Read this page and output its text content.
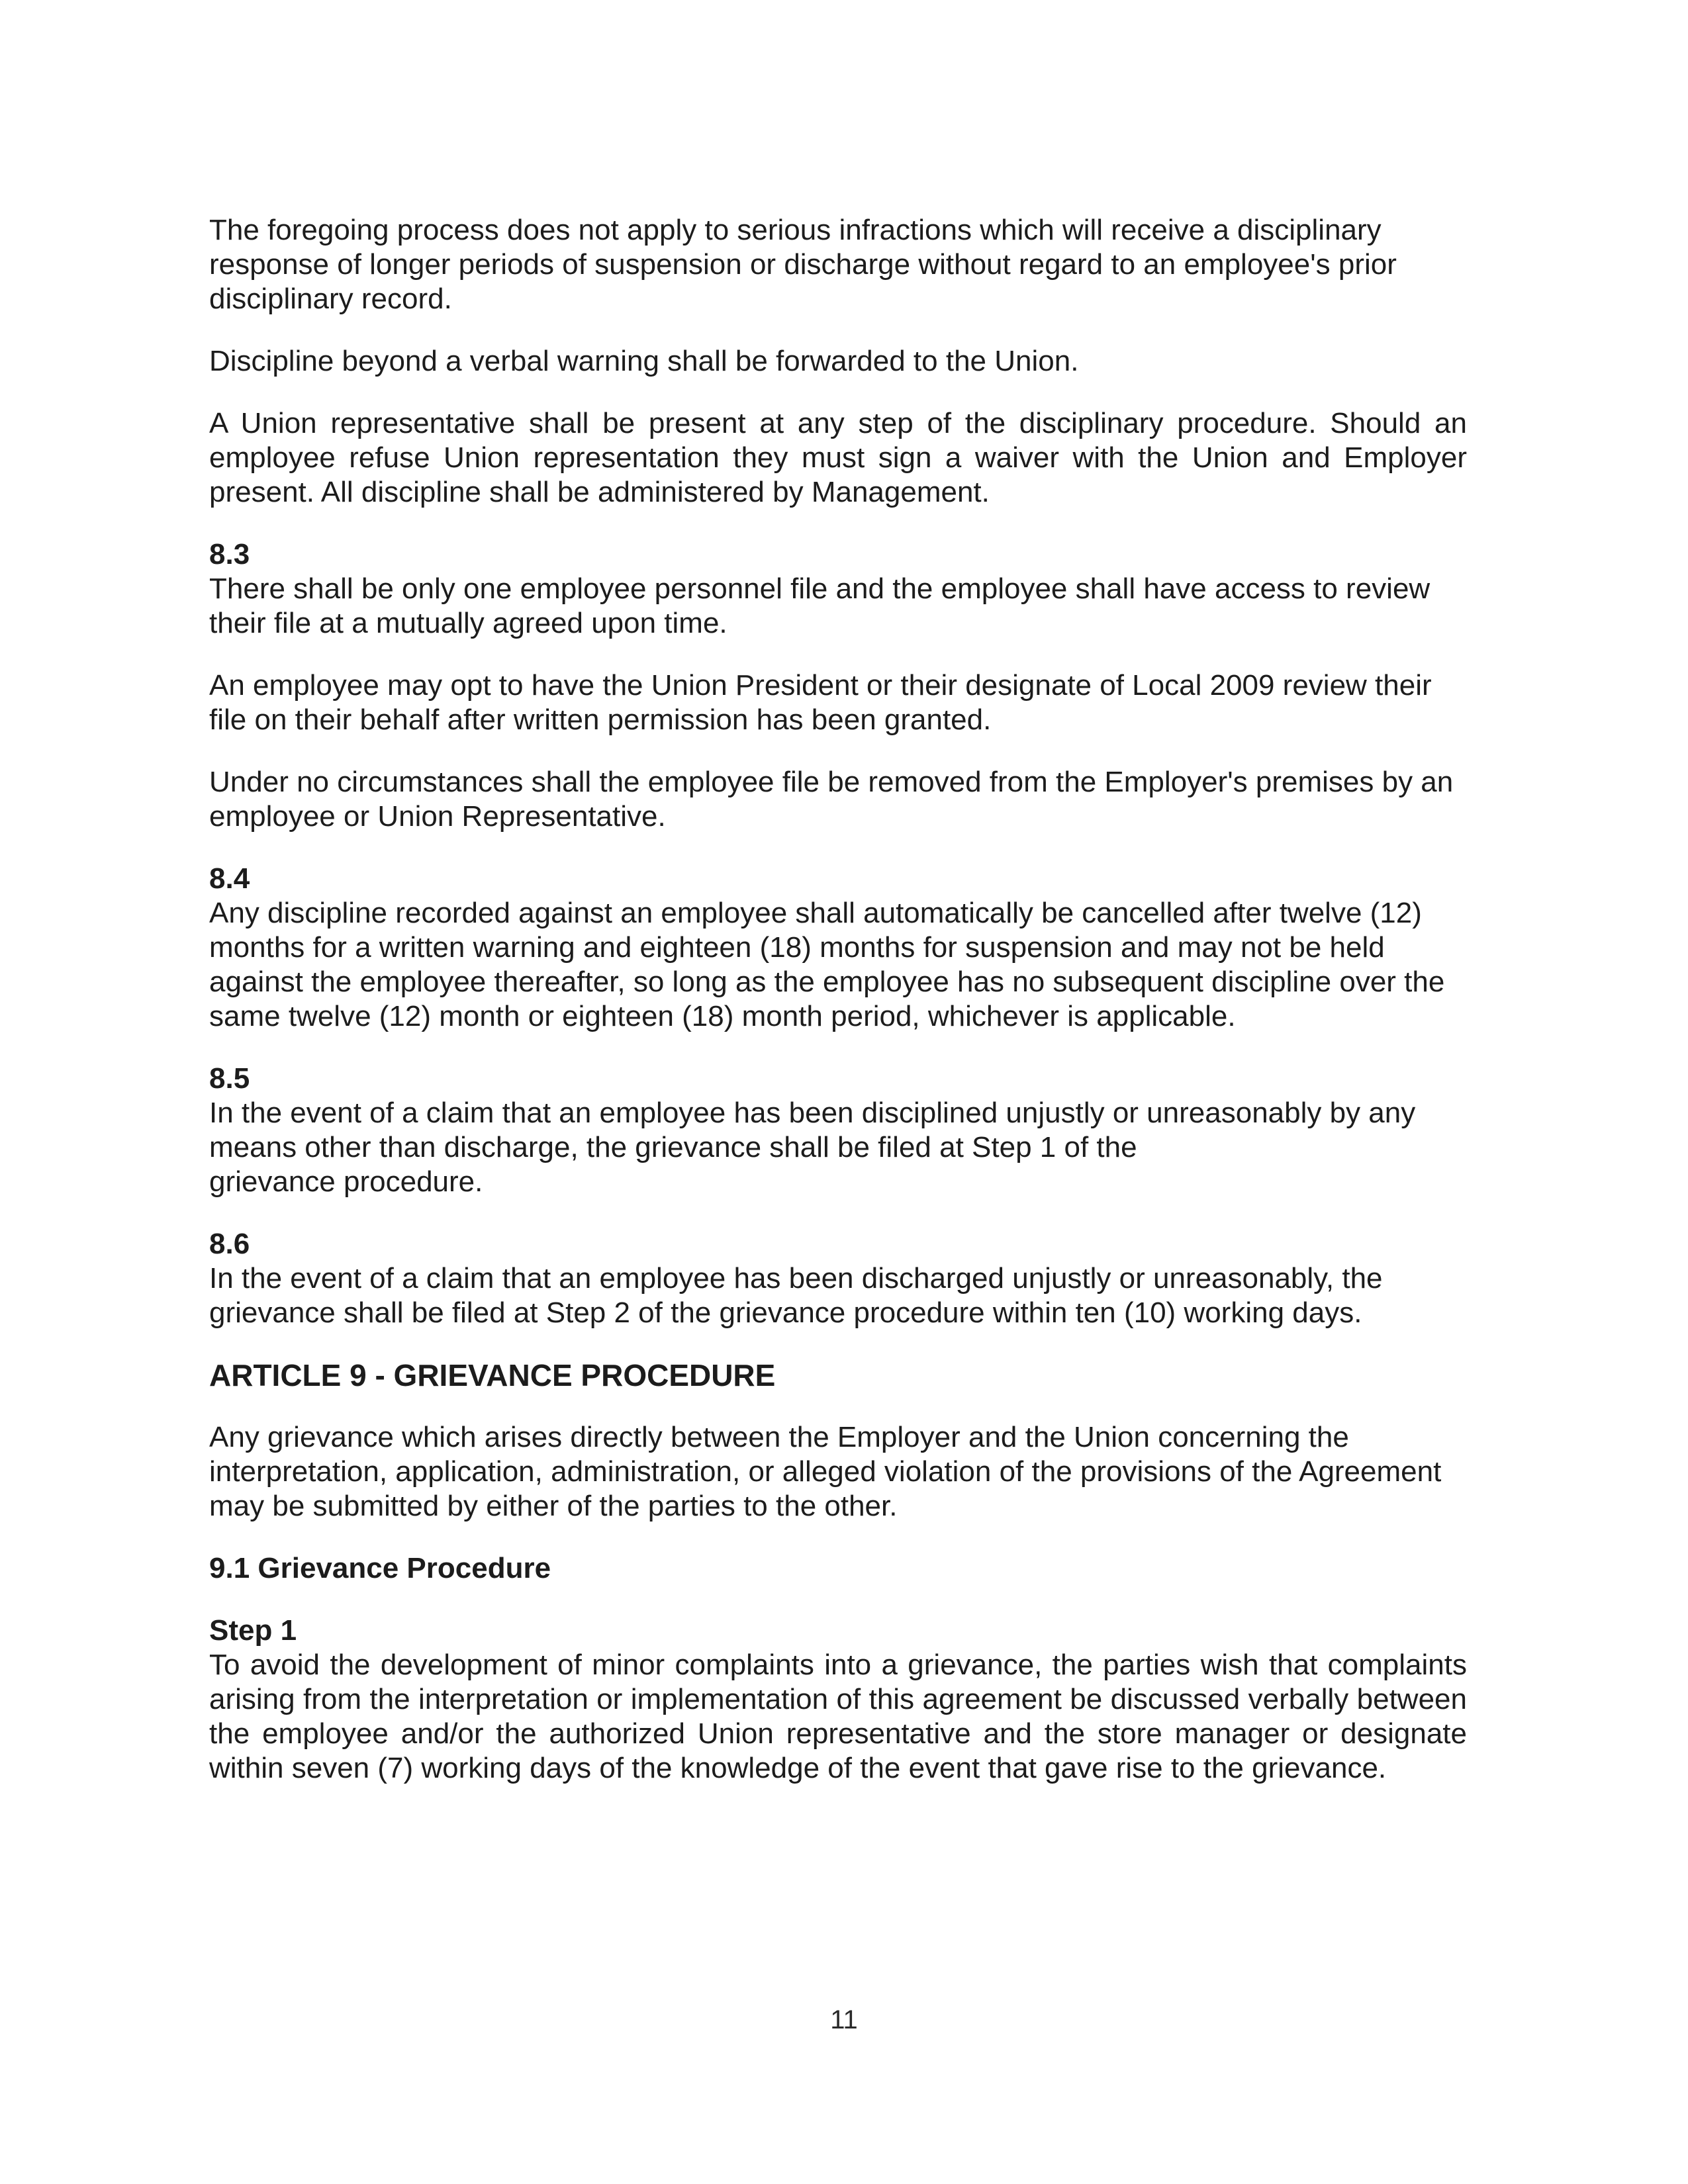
The foregoing process does not apply to serious infractions which will receive a disciplinary
response of longer periods of suspension or discharge without regard to an employee's prior
disciplinary record.

Discipline beyond a verbal warning shall be forwarded to the Union.

A Union representative shall be present at any step of the disciplinary procedure. Should an employee refuse Union representation they must sign a waiver with the Union and Employer present. All discipline shall be administered by Management.

8.3

There shall be only one employee personnel file and the employee shall have access to review
their file at a mutually agreed upon time.

An employee may opt to have the Union President or their designate of Local 2009 review their
file on their behalf after written permission has been granted.

Under no circumstances shall the employee file be removed from the Employer's premises by an
employee or Union Representative.

8.4

Any discipline recorded against an employee shall automatically be cancelled after twelve (12)
months for a written warning and eighteen (18) months for suspension and may not be held
against the employee thereafter, so long as the employee has no subsequent discipline over the
same twelve (12) month or eighteen (18) month period, whichever is applicable.

8.5

In the event of a claim that an employee has been disciplined unjustly or unreasonably by any
means other than discharge, the grievance shall be filed at Step 1 of the
grievance procedure.

8.6

In the event of a claim that an employee has been discharged unjustly or unreasonably, the
grievance shall be filed at Step 2 of the grievance procedure within ten (10) working days.

ARTICLE 9 - GRIEVANCE PROCEDURE

Any grievance which arises directly between the Employer and the Union concerning the
interpretation, application, administration, or alleged violation of the provisions of the Agreement
may be submitted by either of the parties to the other.

9.1 Grievance Procedure
Step 1

To avoid the development of minor complaints into a grievance, the parties wish that complaints arising from the interpretation or implementation of this agreement be discussed verbally between the employee and/or the authorized Union representative and the store manager or designate within seven (7) working days of the knowledge of the event that gave rise to the grievance.

11
